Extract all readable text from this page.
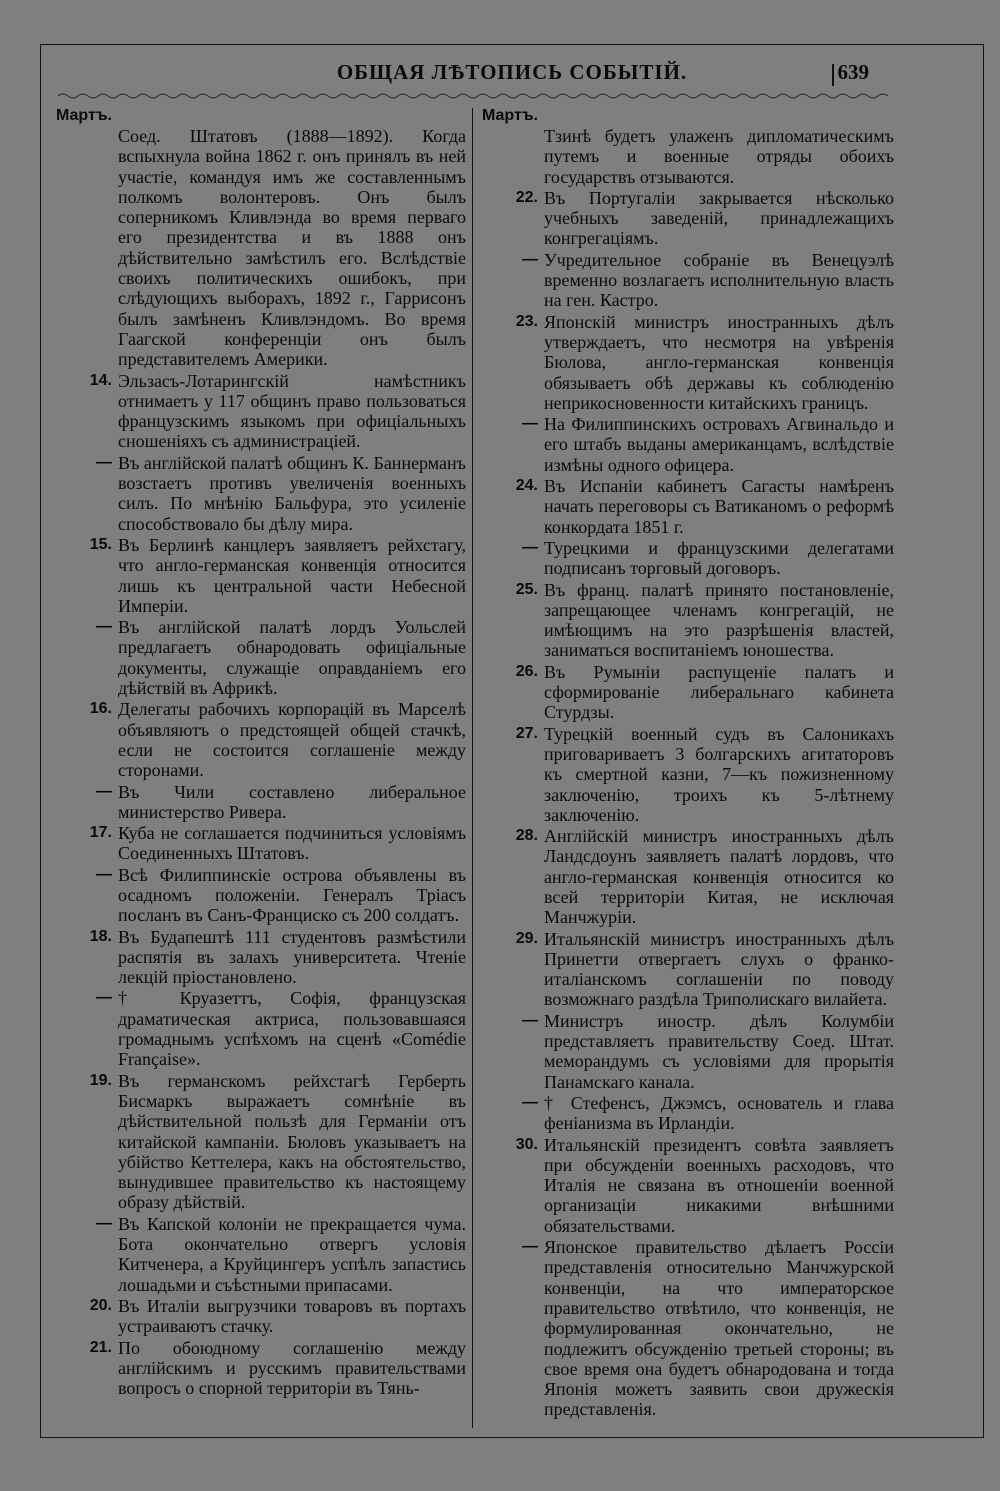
ОБЩАЯ ЛѢТОПИСЬ СОБЫТІЙ.	639
Мартъ.
Соед. Штатовъ (1888—1892). Когда вспыхнула война 1862 г. онъ принялъ въ ней участіе, командуя имъ же составленнымъ полкомъ волонтеровъ. Онъ былъ соперникомъ Кливлэнда во время перваго его президентства и въ 1888 онъ дѣйствительно замѣстилъ его. Вслѣдствіе своихъ политическихъ ошибокъ, при слѣдующихъ выборахъ, 1892 г., Гаррисонъ былъ замѣненъ Кливлэндомъ. Во время Гаагской конференціи онъ былъ представителемъ Америки.
14. Эльзасъ-Лотарингскій намѣстникъ отнимаетъ у 117 общинъ право пользоваться французскимъ языкомъ при офиціальныхъ сношеніяхъ съ администраціей.
— Въ англійской палатѣ общинъ К. Баннерманъ возстаетъ противъ увеличенія военныхъ силъ. По мнѣнію Бальфура, это усиленіе способствовало бы дѣлу мира.
15. Въ Берлинѣ канцлеръ заявляетъ рейхстагу, что англо-германская конвенція относится лишь къ центральной части Небесной Имперіи.
— Въ англійской палатѣ лордъ Уольслей предлагаетъ обнародовать офиціальные документы, служащіе оправданіемъ его дѣйствій въ Африкѣ.
16. Делегаты рабочихъ корпорацій въ Марселѣ объявляютъ о предстоящей общей стачкѣ, если не состоится соглашеніе между сторонами.
— Въ Чили составлено либеральное министерство Ривера.
17. Куба не соглашается подчиниться условіямъ Соединенныхъ Штатовъ.
— Всѣ Филиппинскіе острова объявлены въ осадномъ положеніи. Генералъ Тріасъ посланъ въ Санъ-Франциско съ 200 солдатъ.
18. Въ Будапештѣ 111 студентовъ размѣстили распятія въ залахъ университета. Чтеніе лекцій пріостановлено.
— † Круазеттъ, Софія, французская драматическая актриса, пользовавшаяся громаднымъ успѣхомъ на сценѣ «Comédie Française».
19. Въ германскомъ рейхстагѣ Герберть Бисмаркъ выражаетъ сомнѣніе въ дѣйствительной пользѣ для Германіи отъ китайской кампаніи. Бюловъ указываетъ на убійство Кеттелера, какъ на обстоятельство, вынудившее правительство къ настоящему образу дѣйствій.
— Въ Капской колоніи не прекращается чума. Бота окончательно отвергъ условія Китченера, а Круйцингеръ успѣлъ запастись лошадьми и съѣстными припасами.
20. Въ Италіи выгрузчики товаровъ въ портахъ устраиваютъ стачку.
21. По обоюдному соглашенію между англійскимъ и русскимъ правительствами вопросъ о спорной территоріи въ Тянь-
Мартъ.
Тзинѣ будетъ улаженъ дипломатическимъ путемъ и военные отряды обоихъ государствъ отзываются.
22. Въ Португаліи закрывается нѣсколько учебныхъ заведеній, принадлежащихъ конгрегаціямъ.
— Учредительное собраніе въ Венецуэлѣ временно возлагаетъ исполнительную власть на ген. Кастро.
23. Японскій министръ иностранныхъ дѣлъ утверждаетъ, что несмотря на увѣренія Бюлова, англо-германская конвенція обязываетъ обѣ державы къ соблюденію неприкосновенности китайскихъ границъ.
— На Филиппинскихъ островахъ Агвинальдо и его штабъ выданы американцамъ, вслѣдствіе измѣны одного офицера.
24. Въ Испаніи кабинетъ Сагасты намѣренъ начать переговоры съ Ватиканомъ о реформѣ конкордата 1851 г.
— Турецкими и французскими делегатами подписанъ торговый договоръ.
25. Въ франц. палатѣ принято постановленіе, запрещающее членамъ конгрегацій, не имѣющимъ на это разрѣшенія властей, заниматься воспитаніемъ юношества.
26. Въ Румыніи распущеніе палатъ и сформированіе либеральнаго кабинета Стурдзы.
27. Турецкій военный судъ въ Салоникахъ приговариваетъ 3 болгарскихъ агитаторовъ къ смертной казни, 7—къ пожизненному заключенію, троихъ къ 5-лѣтнему заключенію.
28. Англійскій министръ иностранныхъ дѣлъ Ландсдоунъ заявляетъ палатѣ лордовъ, что англо-германская конвенція относится ко всей территоріи Китая, не исключая Манчжуріи.
29. Итальянскій министръ иностранныхъ дѣлъ Принетти отвергаетъ слухъ о франко-италіанскомъ соглашеніи по поводу возможнаго раздѣла Триполискаго вилайета.
— Министръ иностр. дѣлъ Колумбіи представляетъ правительству Соед. Штат. меморандумъ съ условіями для прорытія Панамскаго канала.
— † Стефенсъ, Джэмсъ, основатель и глава феніанизма въ Ирландіи.
30. Итальянскій президентъ совѣта заявляетъ при обсужденіи военныхъ расходовъ, что Италія не связана въ отношеніи военной организаціи никакими внѣшними обязательствами.
— Японское правительство дѣлаетъ Россіи представленія относительно Манчжурской конвенціи, на что императорское правительство отвѣтило, что конвенція, не формулированная окончательно, не подлежитъ обсужденію третьей стороны; въ свое время она будетъ обнародована и тогда Японія можетъ заявить свои дружескія представленія.
